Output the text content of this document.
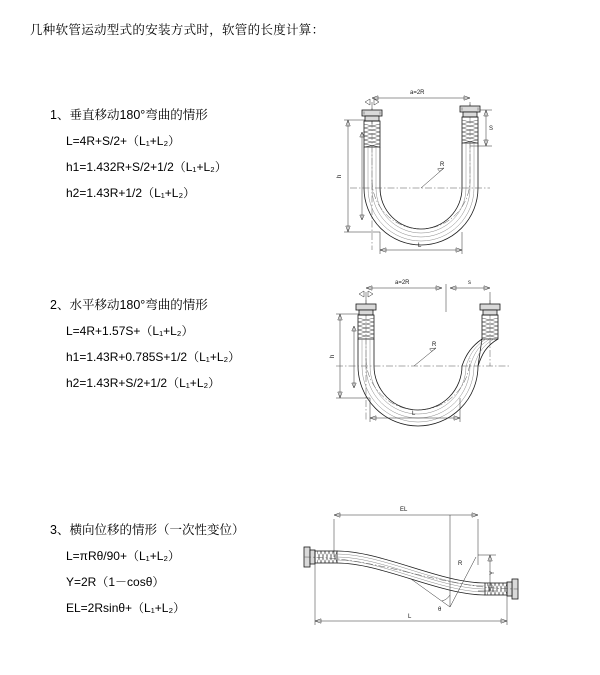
几种软管运动型式的安装方式时，软管的长度计算：

1、垂直移动180°弯曲的情形

L=4R+S/2+（L₁+L₂）

h1=1.432R+S/2+1/2（L₁+L₂）

h2=1.43R+1/2（L₁+L₂）

a=2R
S
h
R
L

2、水平移动180°弯曲的情形

L=4R+1.57S+（L₁+L₂）

h1=1.43R+0.785S+1/2（L₁+L₂）

h2=1.43R+S/2+1/2（L₁+L₂）

a=2R	s
h
R
L

3、横向位移的情形（一次性变位）

L=πRθ/90+（L₁+L₂）

Y=2R（1－cosθ）

EL=2Rsinθ+（L₁+L₂）

EL
Y
θ
R
L
